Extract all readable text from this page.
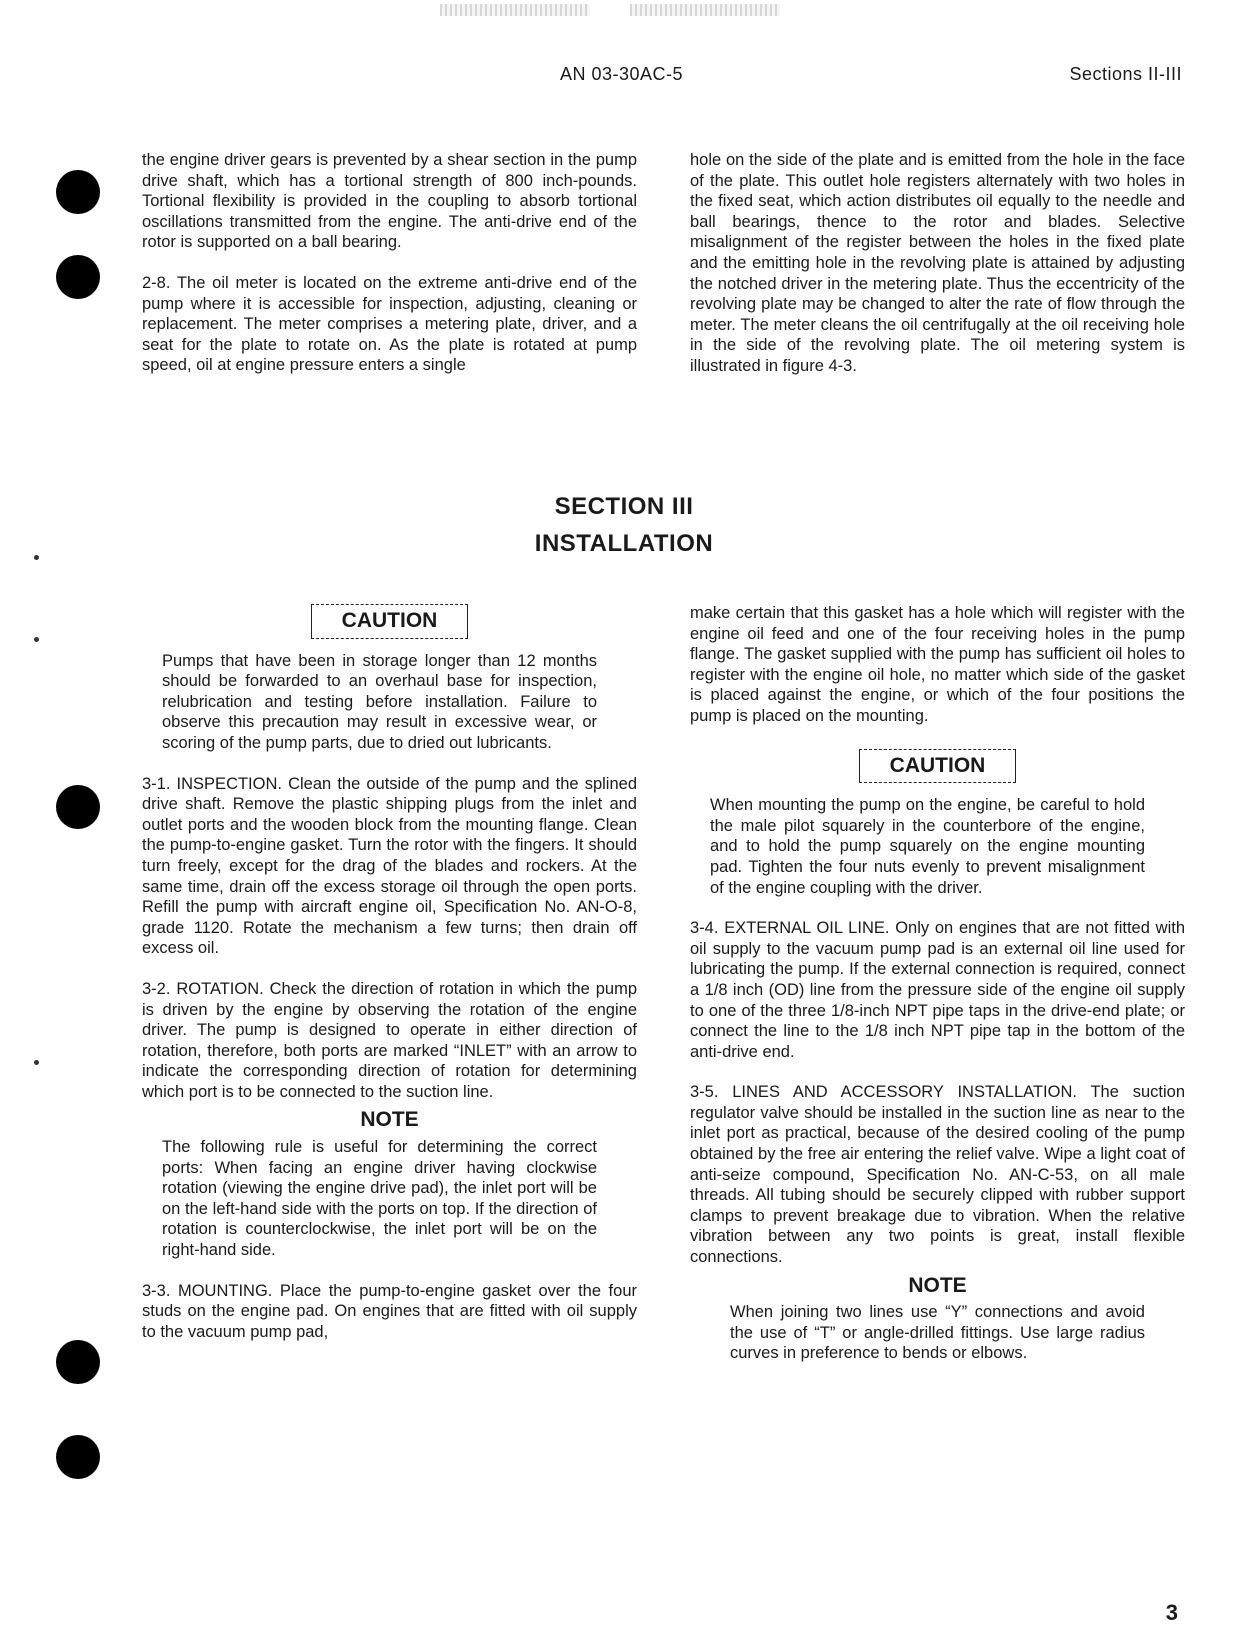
AN 03-30AC-5	Sections II-III

the engine driver gears is prevented by a shear section in the pump drive shaft, which has a tortional strength of 800 inch-pounds. Tortional flexibility is provided in the coupling to absorb tortional oscillations transmitted from the engine. The anti-drive end of the rotor is supported on a ball bearing.

2-8. The oil meter is located on the extreme anti-drive end of the pump where it is accessible for inspection, adjusting, cleaning or replacement. The meter comprises a metering plate, driver, and a seat for the plate to rotate on. As the plate is rotated at pump speed, oil at engine pressure enters a single

hole on the side of the plate and is emitted from the hole in the face of the plate. This outlet hole registers alternately with two holes in the fixed seat, which action distributes oil equally to the needle and ball bearings, thence to the rotor and blades. Selective misalignment of the register between the holes in the fixed plate and the emitting hole in the revolving plate is attained by adjusting the notched driver in the metering plate. Thus the eccentricity of the revolving plate may be changed to alter the rate of flow through the meter. The meter cleans the oil centrifugally at the oil receiving hole in the side of the revolving plate. The oil metering system is illustrated in figure 4-3.

SECTION III
INSTALLATION
CAUTION

Pumps that have been in storage longer than 12 months should be forwarded to an overhaul base for inspection, relubrication and testing before installation. Failure to observe this precaution may result in excessive wear, or scoring of the pump parts, due to dried out lubricants.

3-1. INSPECTION. Clean the outside of the pump and the splined drive shaft. Remove the plastic shipping plugs from the inlet and outlet ports and the wooden block from the mounting flange. Clean the pump-to-engine gasket. Turn the rotor with the fingers. It should turn freely, except for the drag of the blades and rockers. At the same time, drain off the excess storage oil through the open ports. Refill the pump with aircraft engine oil, Specification No. AN-O-8, grade 1120. Rotate the mechanism a few turns; then drain off excess oil.

3-2. ROTATION. Check the direction of rotation in which the pump is driven by the engine by observing the rotation of the engine driver. The pump is designed to operate in either direction of rotation, therefore, both ports are marked “INLET” with an arrow to indicate the corresponding direction of rotation for determining which port is to be connected to the suction line.

NOTE

The following rule is useful for determining the correct ports: When facing an engine driver having clockwise rotation (viewing the engine drive pad), the inlet port will be on the left-hand side with the ports on top. If the direction of rotation is counterclockwise, the inlet port will be on the right-hand side.

3-3. MOUNTING. Place the pump-to-engine gasket over the four studs on the engine pad. On engines that are fitted with oil supply to the vacuum pump pad,

make certain that this gasket has a hole which will register with the engine oil feed and one of the four receiving holes in the pump flange. The gasket supplied with the pump has sufficient oil holes to register with the engine oil hole, no matter which side of the gasket is placed against the engine, or which of the four positions the pump is placed on the mounting.

CAUTION

When mounting the pump on the engine, be careful to hold the male pilot squarely in the counterbore of the engine, and to hold the pump squarely on the engine mounting pad. Tighten the four nuts evenly to prevent misalignment of the engine coupling with the driver.

3-4. EXTERNAL OIL LINE. Only on engines that are not fitted with oil supply to the vacuum pump pad is an external oil line used for lubricating the pump. If the external connection is required, connect a 1/8 inch (OD) line from the pressure side of the engine oil supply to one of the three 1/8-inch NPT pipe taps in the drive-end plate; or connect the line to the 1/8 inch NPT pipe tap in the bottom of the anti-drive end.

3-5. LINES AND ACCESSORY INSTALLATION. The suction regulator valve should be installed in the suction line as near to the inlet port as practical, because of the desired cooling of the pump obtained by the free air entering the relief valve. Wipe a light coat of anti-seize compound, Specification No. AN-C-53, on all male threads. All tubing should be securely clipped with rubber support clamps to prevent breakage due to vibration. When the relative vibration between any two points is great, install flexible connections.

NOTE

When joining two lines use “Y” connections and avoid the use of “T” or angle-drilled fittings. Use large radius curves in preference to bends or elbows.

3
